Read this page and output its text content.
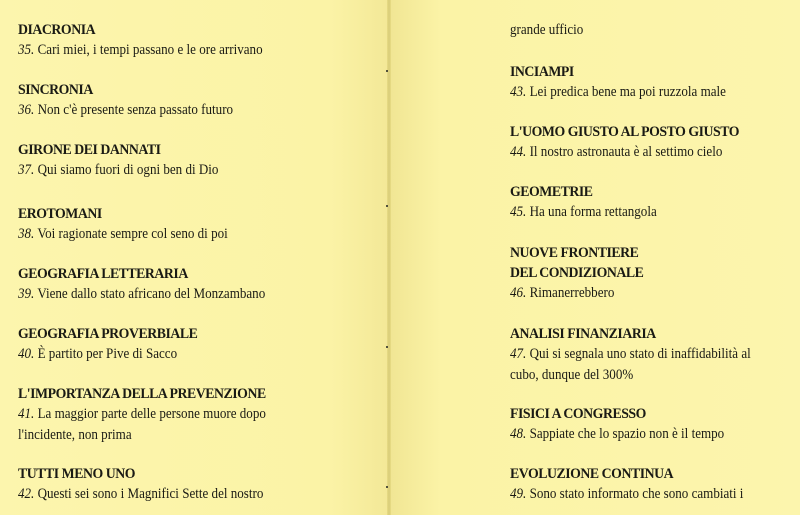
DIACRONIA
35. Cari miei, i tempi passano e le ore arrivano
SINCRONIA
36. Non c'è presente senza passato futuro
GIRONE DEI DANNATI
37. Qui siamo fuori di ogni ben di Dio
EROTOMANI
38. Voi ragionate sempre col seno di poi
GEOGRAFIA LETTERARIA
39. Viene dallo stato africano del Monzambano
GEOGRAFIA PROVERBIALE
40. È partito per Pive di Sacco
L'IMPORTANZA DELLA PREVENZIONE
41. La maggior parte delle persone muore dopo
l'incidente, non prima
TUTTI MENO UNO
42. Questi sei sono i Magnifici Sette del nostro
grande ufficio
INCIAMPI
43. Lei predica bene ma poi ruzzola male
L'UOMO GIUSTO AL POSTO GIUSTO
44. Il nostro astronauta è al settimo cielo
GEOMETRIE
45. Ha una forma rettangola
NUOVE FRONTIERE
DEL CONDIZIONALE
46. Rimanerrebbero
ANALISI FINANZIARIA
47. Qui si segnala uno stato di inaffidabilità al
cubo, dunque del 300%
FISICI A CONGRESSO
48. Sappiate che lo spazio non è il tempo
EVOLUZIONE CONTINUA
49. Sono stato informato che sono cambiati i
